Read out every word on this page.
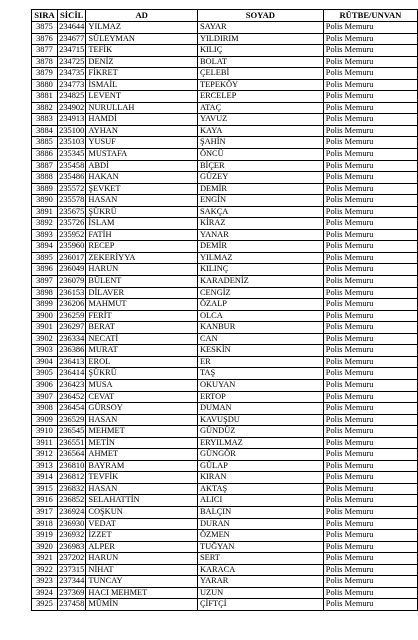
SIRA	SİCİL	AD	SOYAD	RÜTBE/UNVAN
3875	234644	YILMAZ	SAYAR	Polis Memuru
3876	234677	SÜLEYMAN	YILDIRIM	Polis Memuru
3877	234715	TEFİK	KILIÇ	Polis Memuru
3878	234725	DENİZ	BOLAT	Polis Memuru
3879	234735	FİKRET	ÇELEBİ	Polis Memuru
3880	234773	İSMAİL	TEPEKÖY	Polis Memuru
3881	234825	LEVENT	ERCELEP	Polis Memuru
3882	234902	NURULLAH	ATAÇ	Polis Memuru
3883	234913	HAMDİ	YAVUZ	Polis Memuru
3884	235100	AYHAN	KAYA	Polis Memuru
3885	235103	YUSUF	ŞAHİN	Polis Memuru
3886	235345	MUSTAFA	ÖNCÜ	Polis Memuru
3887	235458	ABDİ	BİÇER	Polis Memuru
3888	235486	HAKAN	GÜZEY	Polis Memuru
3889	235572	ŞEVKET	DEMİR	Polis Memuru
3890	235578	HASAN	ENGİN	Polis Memuru
3891	235675	ŞÜKRÜ	SAKÇA	Polis Memuru
3892	235726	İSLAM	KİRAZ	Polis Memuru
3893	235952	FATİH	YANAR	Polis Memuru
3894	235960	RECEP	DEMİR	Polis Memuru
3895	236017	ZEKERİYYA	YILMAZ	Polis Memuru
3896	236049	HARUN	KILINÇ	Polis Memuru
3897	236079	BÜLENT	KARADENİZ	Polis Memuru
3898	236153	DİLAVER	CENGİZ	Polis Memuru
3899	236206	MAHMUT	ÖZALP	Polis Memuru
3900	236259	FERİT	OLCA	Polis Memuru
3901	236297	BERAT	KANBUR	Polis Memuru
3902	236334	NECATİ	CAN	Polis Memuru
3903	236386	MURAT	KESKİN	Polis Memuru
3904	236413	EROL	ER	Polis Memuru
3905	236414	ŞÜKRÜ	TAŞ	Polis Memuru
3906	236423	MUSA	OKUYAN	Polis Memuru
3907	236452	CEVAT	ERTOP	Polis Memuru
3908	236454	GÜRSOY	DUMAN	Polis Memuru
3909	236529	HASAN	KAVUŞDU	Polis Memuru
3910	236545	MEHMET	GÜNDÜZ	Polis Memuru
3911	236551	METİN	ERYILMAZ	Polis Memuru
3912	236564	AHMET	GÜNGÖR	Polis Memuru
3913	236810	BAYRAM	GÜLAP	Polis Memuru
3914	236812	TEVFİK	KIRAN	Polis Memuru
3915	236832	HASAN	AKTAŞ	Polis Memuru
3916	236852	SELAHATTİN	ALICI	Polis Memuru
3917	236924	COŞKUN	BALÇIN	Polis Memuru
3918	236930	VEDAT	DURAN	Polis Memuru
3919	236932	İZZET	ÖZMEN	Polis Memuru
3920	236983	ALPER	TUĞYAN	Polis Memuru
3921	237202	HARUN	SERT	Polis Memuru
3922	237315	NİHAT	KARACA	Polis Memuru
3923	237344	TUNCAY	YARAR	Polis Memuru
3924	237369	HACI MEHMET	UZUN	Polis Memuru
3925	237458	MÜMİN	ÇİFTÇİ	Polis Memuru
